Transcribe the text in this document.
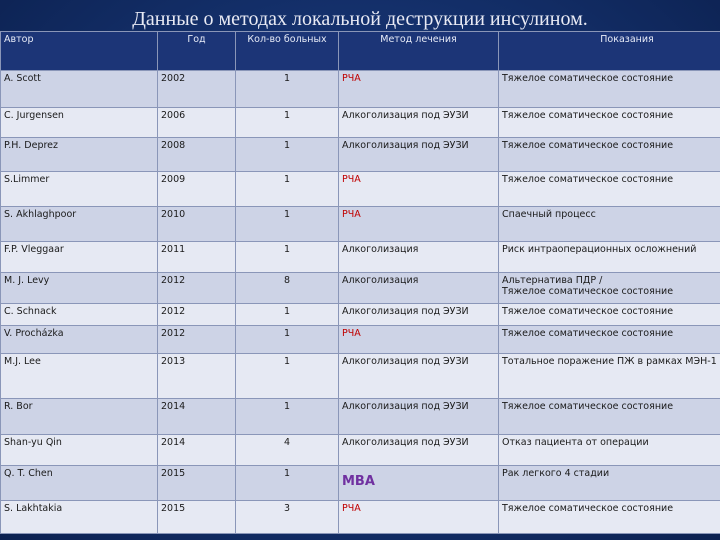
Данные о методах локальной деструкции инсулином.
Автор	Год	Кол-во больных	Метод лечения	Показания
A. Scott	2002	1	РЧА	Тяжелое соматическое состояние

C. Jurgensen	2006	1	Алкоголизация под ЭУЗИ	Тяжелое соматическое состояние

P.H. Deprez	2008	1	Алкоголизация под ЭУЗИ	Тяжелое соматическое состояние

S.Limmer	2009	1	РЧА	Тяжелое соматическое состояние

S. Akhlaghpoor	2010	1	РЧА	Спаечный процесс

F.P. Vleggaar	2011	1	Алкоголизация	Риск интраоперационных осложнений

M. J. Levy	2012	8	Алкоголизация	Альтернатива ПДР /
Тяжелое соматическое состояние

C. Schnack	2012	1	Алкоголизация под ЭУЗИ	Тяжелое соматическое состояние

V. Procházka	2012	1	РЧА	Тяжелое соматическое состояние

M.J. Lee	2013	1	Алкоголизация под ЭУЗИ	Тотальное поражение ПЖ в рамках МЭН-1

R. Bor	2014	1	Алкоголизация под ЭУЗИ	Тяжелое соматическое состояние

Shan-yu Qin	2014	4	Алкоголизация под ЭУЗИ	Отказ пациента от операции

Q. T. Chen	2015	1	МВА	Рак легкого 4 стадии

S. Lakhtakia	2015	3	РЧА	Тяжелое соматическое состояние
